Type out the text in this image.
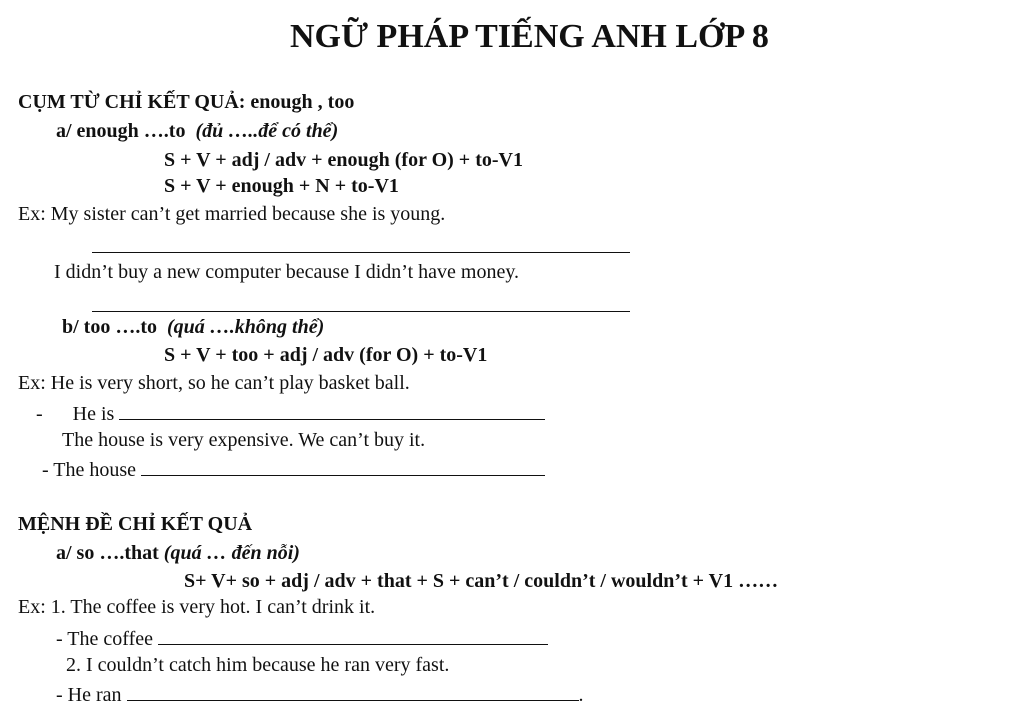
NGỮ PHÁP TIẾNG ANH LỚP 8
CỤM TỪ CHỈ KẾT QUẢ: enough , too
a/ enough ….to (đủ …..để có thể)
S + V + adj / adv + enough (for O) + to-V1
S + V + enough + N + to-V1
Ex: My sister can’t get married because she is young.
I didn’t buy a new computer because I didn’t have money.
b/ too ….to (quá ….không thể)
S + V + too + adj / adv (for O) + to-V1
Ex: He is very short, so he can’t play basket ball.
- He is
The house is very expensive. We can’t buy it.
- The house
MỆNH ĐỀ CHỈ KẾT QUẢ
a/ so ….that (quá … đến nỗi)
S+ V+ so + adj / adv + that + S + can’t / couldn’t / wouldn’t + V1 ……
Ex: 1. The coffee is very hot. I can’t drink it.
- The coffee
2. I couldn’t catch him because he ran very fast.
- He ran	.
